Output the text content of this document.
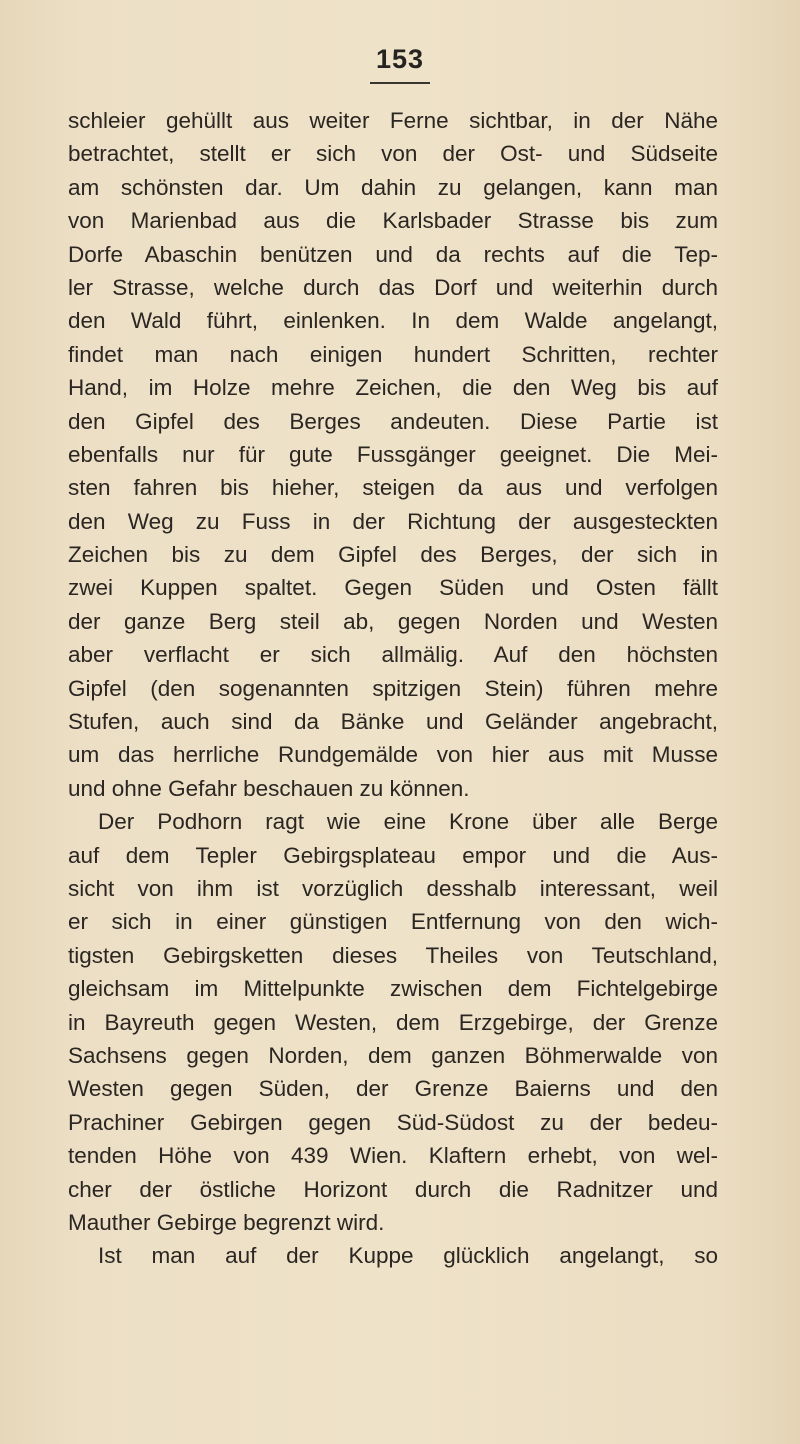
153
schleier gehüllt aus weiter Ferne sichtbar, in der Nähe
betrachtet, stellt er sich von der Ost- und Südseite
am schönsten dar. Um dahin zu gelangen, kann man
von Marienbad aus die Karlsbader Strasse bis zum
Dorfe Abaschin benützen und da rechts auf die Tep-
ler Strasse, welche durch das Dorf und weiterhin durch
den Wald führt, einlenken. In dem Walde angelangt,
findet man nach einigen hundert Schritten, rechter
Hand, im Holze mehre Zeichen, die den Weg bis auf
den Gipfel des Berges andeuten. Diese Partie ist
ebenfalls nur für gute Fussgänger geeignet. Die Mei-
sten fahren bis hieher, steigen da aus und verfolgen
den Weg zu Fuss in der Richtung der ausgesteckten
Zeichen bis zu dem Gipfel des Berges, der sich in
zwei Kuppen spaltet. Gegen Süden und Osten fällt
der ganze Berg steil ab, gegen Norden und Westen
aber verflacht er sich allmälig. Auf den höchsten
Gipfel (den sogenannten spitzigen Stein) führen mehre
Stufen, auch sind da Bänke und Geländer angebracht,
um das herrliche Rundgemälde von hier aus mit Musse
und ohne Gefahr beschauen zu können.
Der Podhorn ragt wie eine Krone über alle Berge
auf dem Tepler Gebirgsplateau empor und die Aus-
sicht von ihm ist vorzüglich desshalb interessant, weil
er sich in einer günstigen Entfernung von den wich-
tigsten Gebirgsketten dieses Theiles von Teutschland,
gleichsam im Mittelpunkte zwischen dem Fichtelgebirge
in Bayreuth gegen Westen, dem Erzgebirge, der Grenze
Sachsens gegen Norden, dem ganzen Böhmerwalde von
Westen gegen Süden, der Grenze Baierns und den
Prachiner Gebirgen gegen Süd-Südost zu der bedeu-
tenden Höhe von 439 Wien. Klaftern erhebt, von wel-
cher der östliche Horizont durch die Radnitzer und
Mauther Gebirge begrenzt wird.
Ist man auf der Kuppe glücklich angelangt, so
